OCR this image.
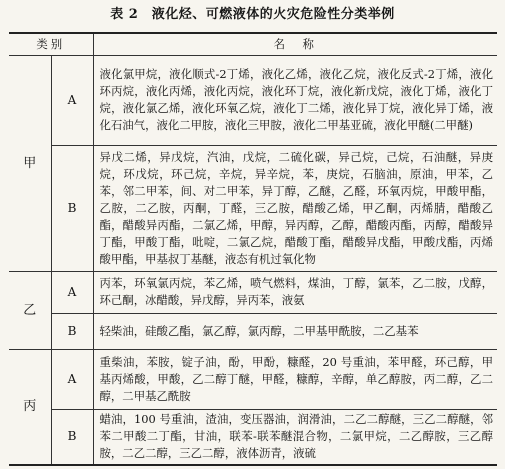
表 2　液化烃、可燃液体的火灾危险性分类举例
类别		名　称
甲	A	液化氯甲烷，液化顺式-2丁烯，液化乙烯，液化乙烷，液化反式-2丁烯，液化环丙烷，液化丙烯，液化丙烷，液化环丁烷，液化新戊烷，液化丁烯，液化丁烷，液化氯乙烯，液化环氧乙烷，液化丁二烯，液化异丁烷，液化异丁烯，液化石油气，液化二甲胺，液化三甲胺，液化二甲基亚硫，液化甲醚(二甲醚)
	B	异戊二烯，异戊烷，汽油，戊烷，二硫化碳，异己烷，己烷，石油醚，异庚烷，环戊烷，环己烷，辛烷，异辛烷，苯，庚烷，石脑油，原油，甲苯，乙苯，邻二甲苯，间、对二甲苯，异丁醇，乙醚，乙醛，环氧丙烷，甲酸甲酯，乙胺，二乙胺，丙酮，丁醛，三乙胺，醋酸乙烯，甲乙酮，丙烯腈，醋酸乙酯，醋酸异丙酯，二氯乙烯，甲醇，异丙醇，乙醇，醋酸丙酯，丙醇，醋酸异丁酯，甲酸丁酯，吡啶，二氯乙烷，醋酸丁酯，醋酸异戊酯，甲酸戊酯，丙烯酸甲酯，甲基叔丁基醚，液态有机过氧化物
乙	A	丙苯，环氧氯丙烷，苯乙烯，喷气燃料，煤油，丁醇，氯苯，乙二胺，戊醇，环己酮，冰醋酸，异戊醇，异丙苯，液氨
	B	轻柴油，硅酸乙酯，氯乙醇，氯丙醇，二甲基甲酰胺，二乙基苯
丙	A	重柴油，苯胺，锭子油，酚，甲酚，糠醛，20 号重油，苯甲醛，环己醇，甲基丙烯酸，甲酸，乙二醇丁醚，甲醛，糠醇，辛醇，单乙醇胺，丙二醇，乙二醇，二甲基乙酰胺
	B	蜡油，100 号重油，渣油，变压器油，润滑油，二乙二醇醚，三乙二醇醚，邻苯二甲酸二丁酯，甘油，联苯-联苯醚混合物，二氯甲烷，二乙醇胺，三乙醇胺，二乙二醇，三乙二醇，液体沥青，液硫
